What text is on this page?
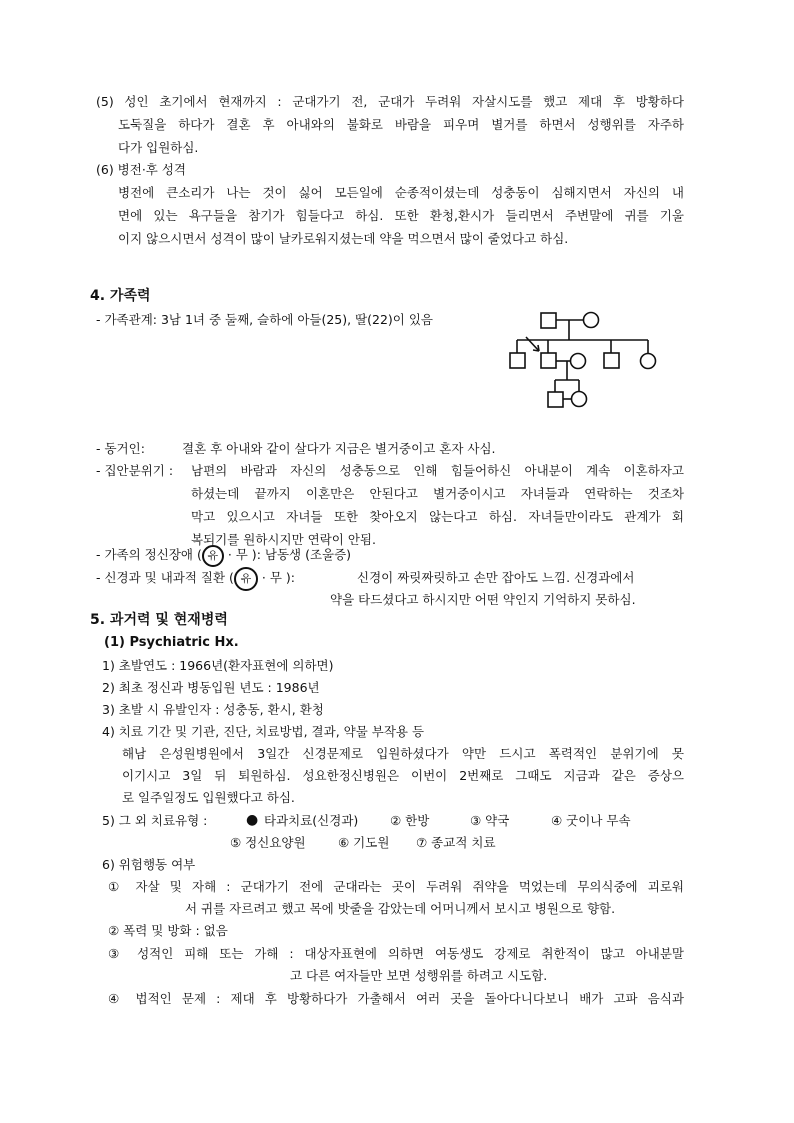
(5) 성인 초기에서 현재까지 : 군대가기 전, 군대가 두려워 자살시도를 했고 제대 후 방황하다
도둑질을 하다가 결혼 후 아내와의 불화로 바람을 피우며 별거를 하면서 성행위를 자주하
다가 입원하심.
(6) 병전·후 성격
병전에 큰소리가 나는 것이 싫어 모든일에 순종적이셨는데 성충동이 심해지면서 자신의 내
면에 있는 욕구들을 참기가 힘들다고 하심. 또한 환청,환시가 들리면서 주변말에 귀를 기울
이지 않으시면서 성격이 많이 날카로워지셨는데 약을 먹으면서 많이 줄었다고 하심.
4. 가족력
- 가족관계: 3남 1녀 중 둘째, 슬하에 아들(25), 딸(22)이 있음
- 동거인:	결혼 후 아내와 같이 살다가 지금은 별거중이고 혼자 사심.
- 집안분위기 : 남편의 바람과 자신의 성충동으로 인해 힘들어하신 아내분이 계속 이혼하자고
하셨는데 끝까지 이혼만은 안된다고 별거중이시고 자녀들과 연락하는 것조차
막고 있으시고 자녀들 또한 찾아오지 않는다고 하심. 자녀들만이라도 관계가 회
복되기를 원하시지만 연락이 안됨.
- 가족의 정신장애 ( 유 · 무 ): 남동생 (조울증)
- 신경과 및 내과적 질환 ( 유 · 무 ):	신경이 짜릿짜릿하고 손만 잡아도 느낌. 신경과에서
약을 타드셨다고 하시지만 어떤 약인지 기억하지 못하심.
5. 과거력 및 현재병력
(1) Psychiatric Hx.
1) 초발연도 : 1966년(환자표현에 의하면)
2) 최초 정신과 병동입원 년도 : 1986년
3) 초발 시 유발인자 : 성충동, 환시, 환청
4) 치료 기간 및 기관, 진단, 치료방법, 결과, 약물 부작용 등
해남 은성원병원에서 3일간 신경문제로 입원하셨다가 약만 드시고 폭력적인 분위기에 못
이기시고 3일 뒤 퇴원하심. 성요한정신병원은 이번이 2번째로 그때도 지금과 같은 증상으
로 일주일정도 입원했다고 하심.
5) 그 외 치료유형 :	● 타과치료(신경과)	② 한방	③ 약국	④ 굿이나 무속
⑤ 정신요양원	⑥ 기도원 ⑦ 종교적 치료
6) 위험행동 여부
① 자살 및 자해 : 군대가기 전에 군대라는 곳이 두려워 쥐약을 먹었는데 무의식중에 괴로워
서 귀를 자르려고 했고 목에 밧줄을 감았는데 어머니께서 보시고 병원으로 향함.
② 폭력 및 방화 : 없음
③ 성적인 피해 또는 가해 : 대상자표현에 의하면 여동생도 강제로 취한적이 많고 아내분말
고 다른 여자들만 보면 성행위를 하려고 시도함.
④ 법적인 문제 : 제대 후 방황하다가 가출해서 여러 곳을 돌아다니다보니 배가 고파 음식과
